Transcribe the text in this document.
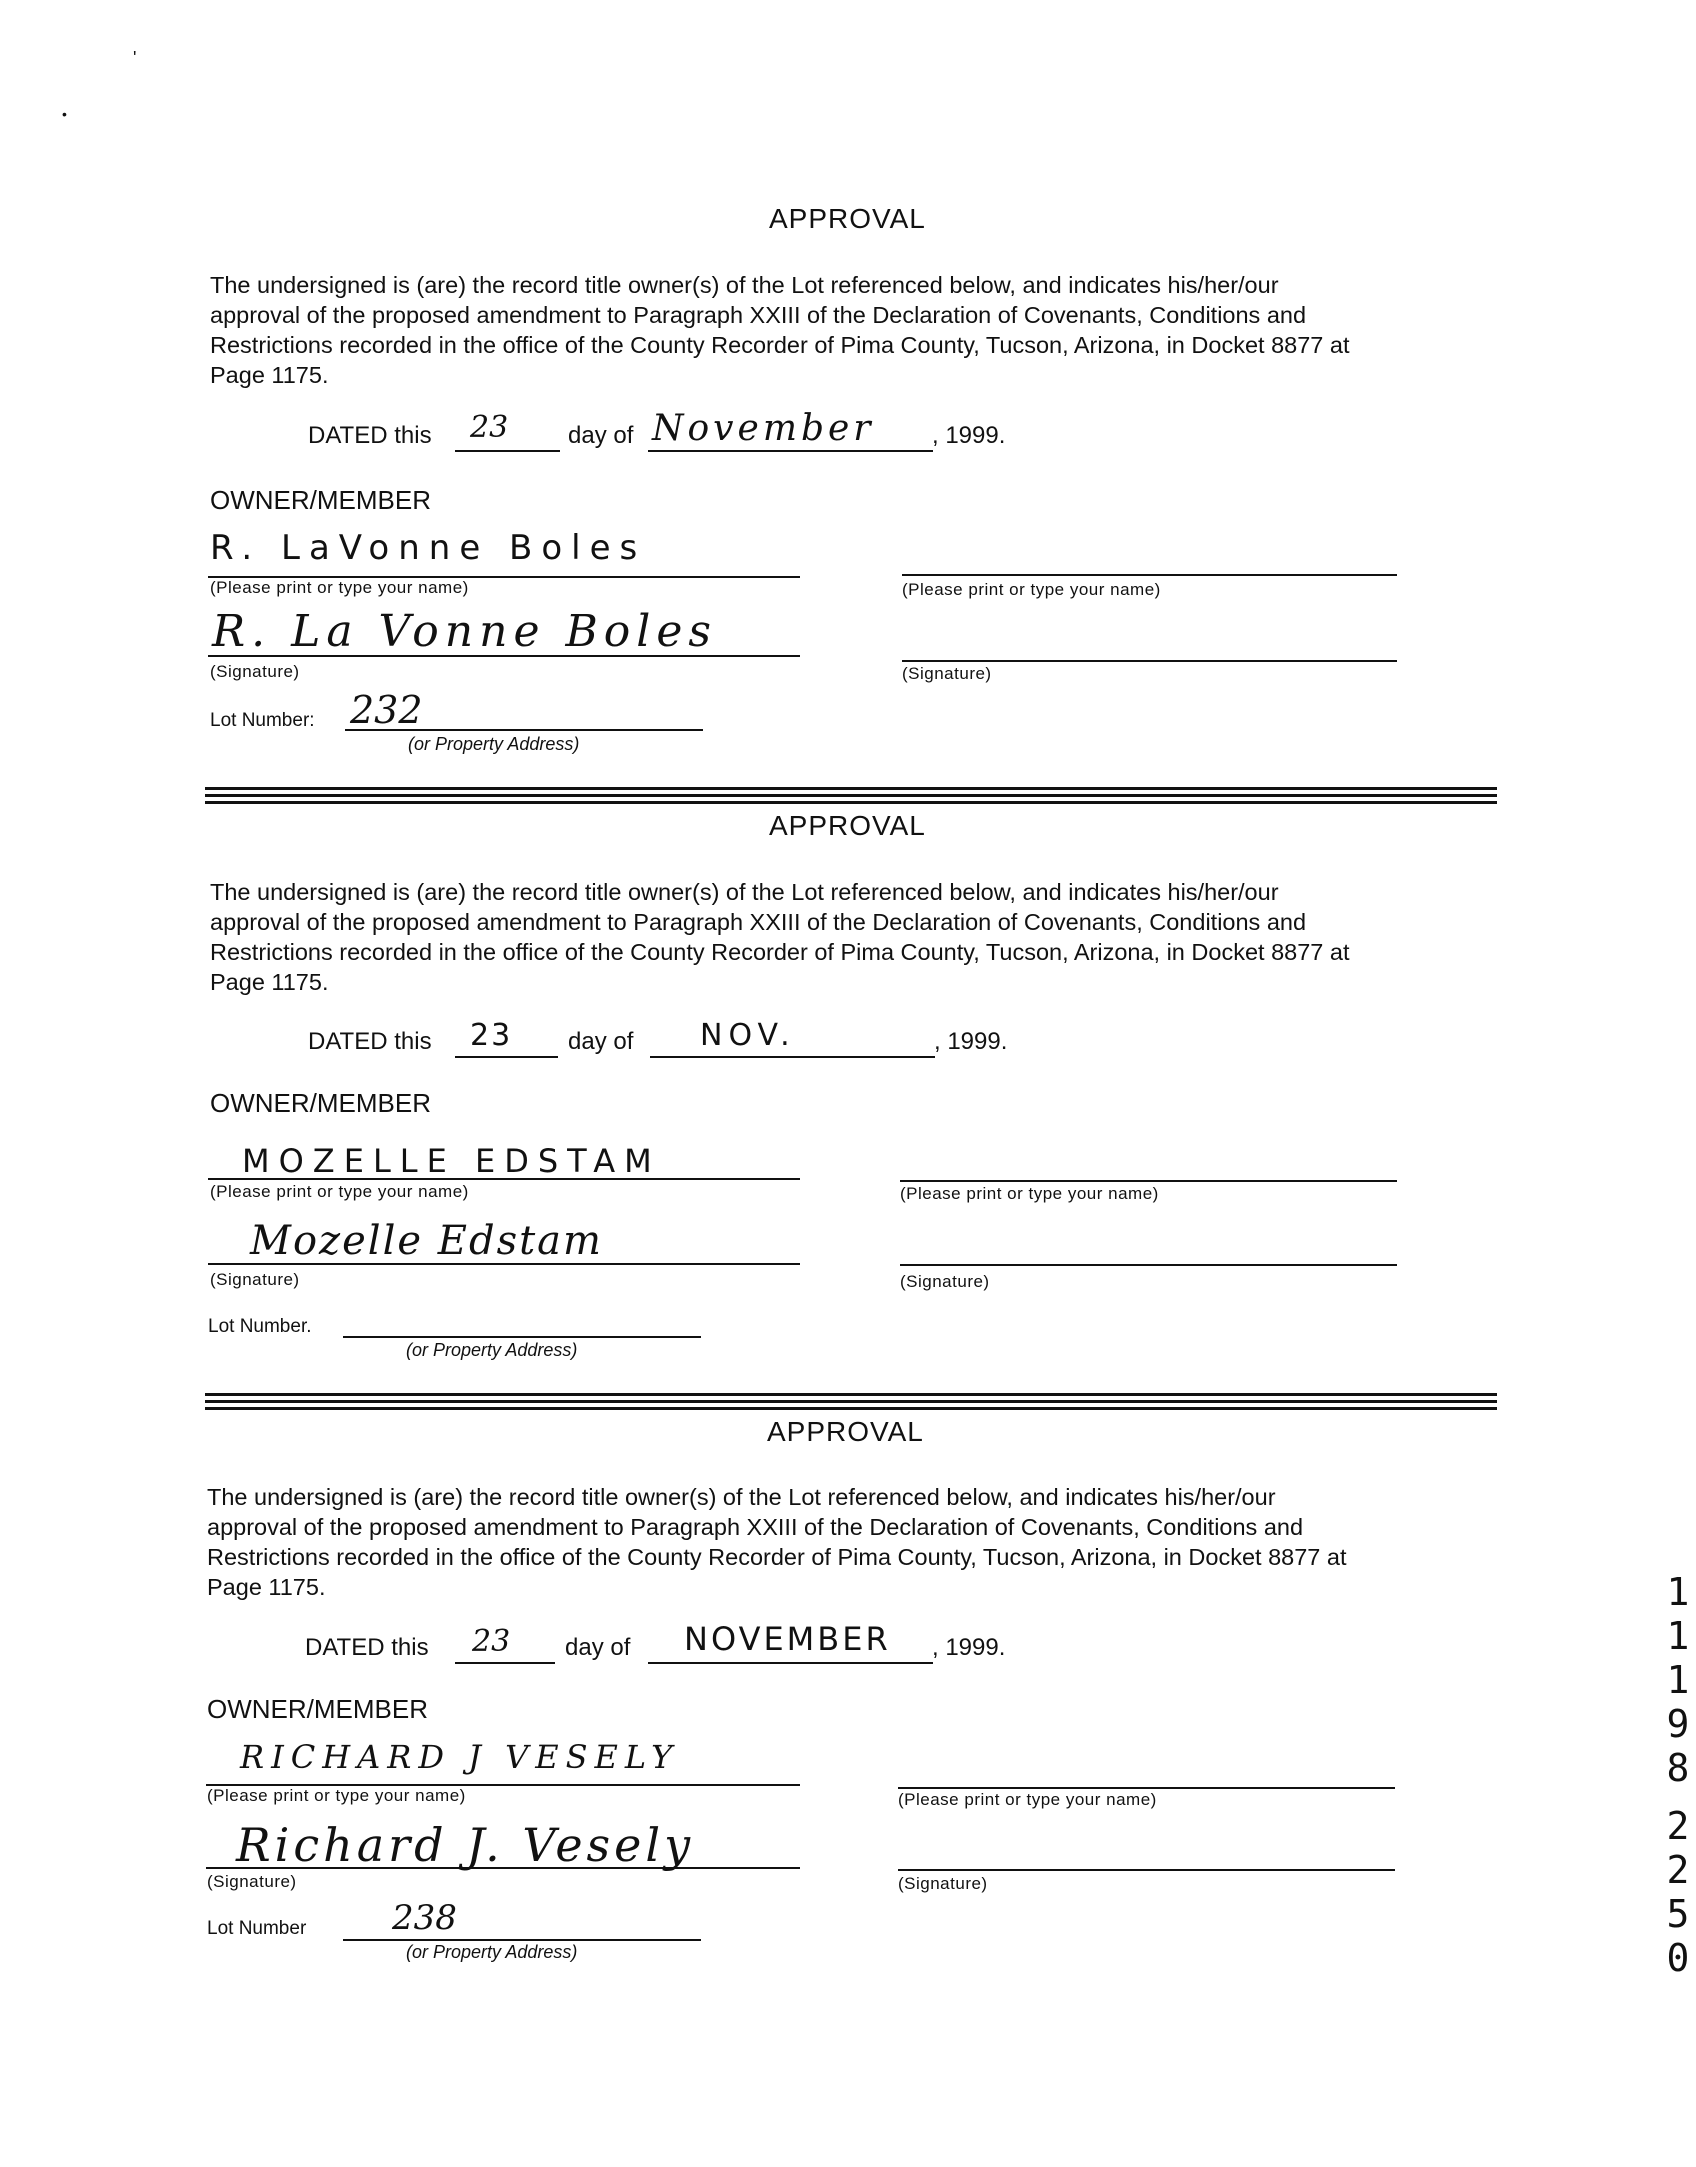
'
•
APPROVAL
The undersigned is (are) the record title owner(s) of the Lot referenced below, and indicates his/her/our
approval of the proposed amendment to Paragraph XXIII of the Declaration of Covenants, Conditions and
Restrictions recorded in the office of the County Recorder of Pima County, Tucson, Arizona, in Docket 8877 at
Page 1175.
DATED this 23 day of November , 1999.
OWNER/MEMBER
R. LaVonne Boles
(Please print or type your name)	(Please print or type your name)
R. La Vonne Boles
(Signature)	(Signature)
Lot Number: 232
(or Property Address)
APPROVAL
The undersigned is (are) the record title owner(s) of the Lot referenced below, and indicates his/her/our
approval of the proposed amendment to Paragraph XXIII of the Declaration of Covenants, Conditions and
Restrictions recorded in the office of the County Recorder of Pima County, Tucson, Arizona, in Docket 8877 at
Page 1175.
DATED this 23 day of NOV.	, 1999.
OWNER/MEMBER
MOZELLE EDSTAM
(Please print or type your name)	(Please print or type your name)
Mozelle Edstam
(Signature)	(Signature)
Lot Number.
(or Property Address)
APPROVAL
The undersigned is (are) the record title owner(s) of the Lot referenced below, and indicates his/her/our
approval of the proposed amendment to Paragraph XXIII of the Declaration of Covenants, Conditions and
Restrictions recorded in the office of the County Recorder of Pima County, Tucson, Arizona, in Docket 8877 at
Page 1175.
DATED this 23 day of NOVEMBER , 1999.
OWNER/MEMBER
RICHARD J VESELY
(Please print or type your name)	(Please print or type your name)
Richard J. Vesely
(Signature)	(Signature)
Lot Number	238
(or Property Address)
1
1
1
9
8
2
2
5
0
